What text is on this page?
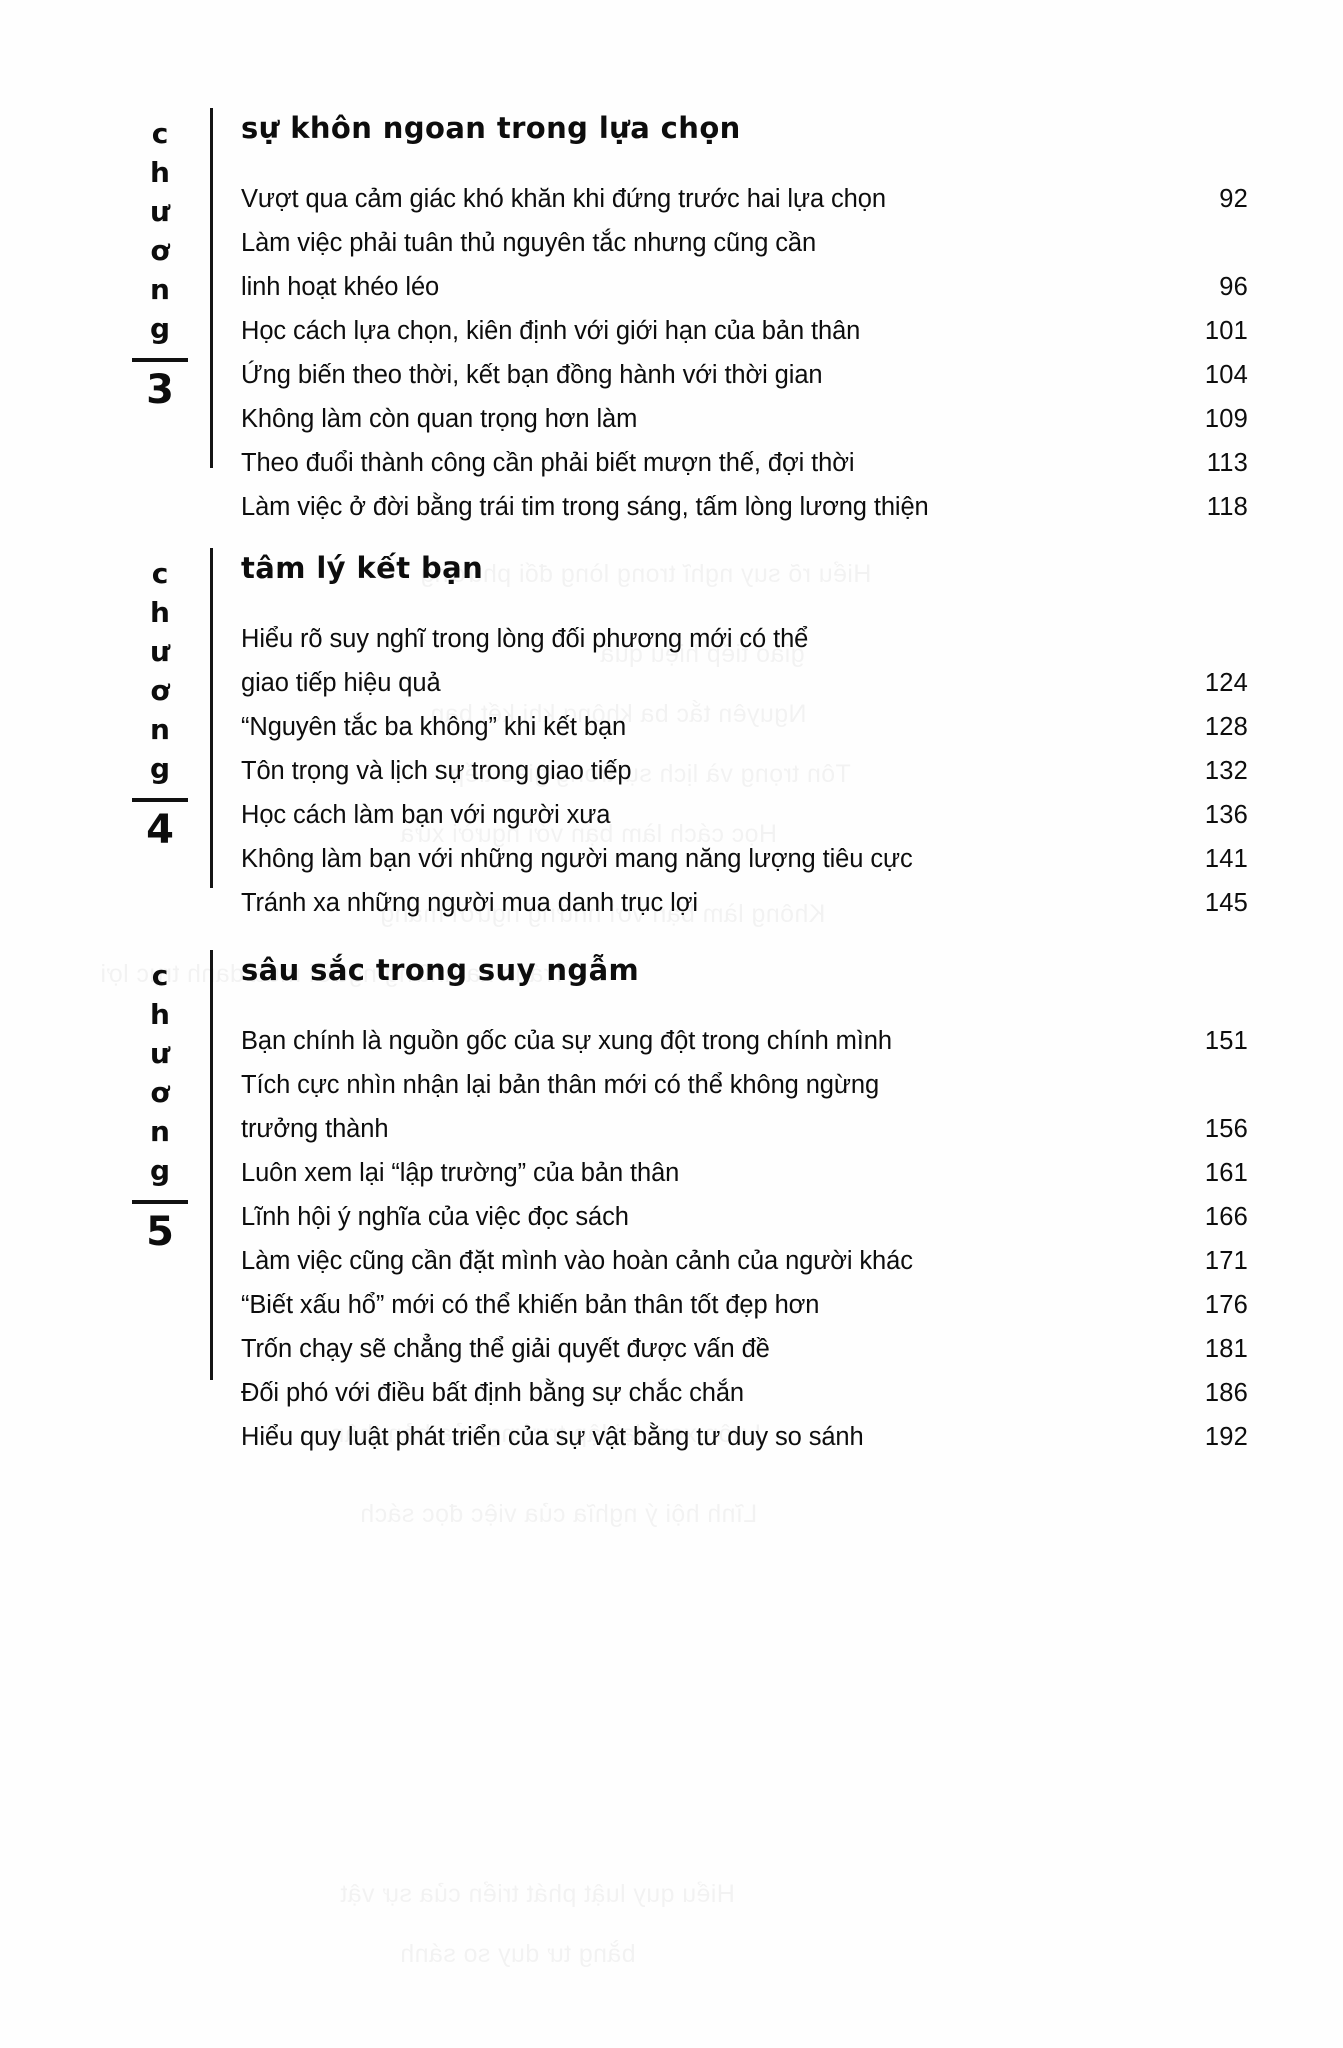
c
h
ư
ơ
n
g
3
sự khôn ngoan trong lựa chọn
Vượt qua cảm giác khó khăn khi đứng trước hai lựa chọn	92
Làm việc phải tuân thủ nguyên tắc nhưng cũng cần
linh hoạt khéo léo	96
Học cách lựa chọn, kiên định với giới hạn của bản thân	101
Ứng biến theo thời, kết bạn đồng hành với thời gian	104
Không làm còn quan trọng hơn làm	109
Theo đuổi thành công cần phải biết mượn thế, đợi thời	113
Làm việc ở đời bằng trái tim trong sáng, tấm lòng lương thiện	118
c
h
ư
ơ
n
g
4
tâm lý kết bạn
Hiểu rõ suy nghĩ trong lòng đối phương mới có thể
giao tiếp hiệu quả	124
“Nguyên tắc ba không” khi kết bạn	128
Tôn trọng và lịch sự trong giao tiếp	132
Học cách làm bạn với người xưa	136
Không làm bạn với những người mang năng lượng tiêu cực	141
Tránh xa những người mua danh trục lợi	145
c
h
ư
ơ
n
g
5
sâu sắc trong suy ngẫm
Bạn chính là nguồn gốc của sự xung đột trong chính mình	151
Tích cực nhìn nhận lại bản thân mới có thể không ngừng
trưởng thành	156
Luôn xem lại “lập trường” của bản thân	161
Lĩnh hội ý nghĩa của việc đọc sách	166
Làm việc cũng cần đặt mình vào hoàn cảnh của người khác	171
“Biết xấu hổ” mới có thể khiến bản thân tốt đẹp hơn	176
Trốn chạy sẽ chẳng thể giải quyết được vấn đề	181
Đối phó với điều bất định bằng sự chắc chắn	186
Hiểu quy luật phát triển của sự vật bằng tư duy so sánh	192
